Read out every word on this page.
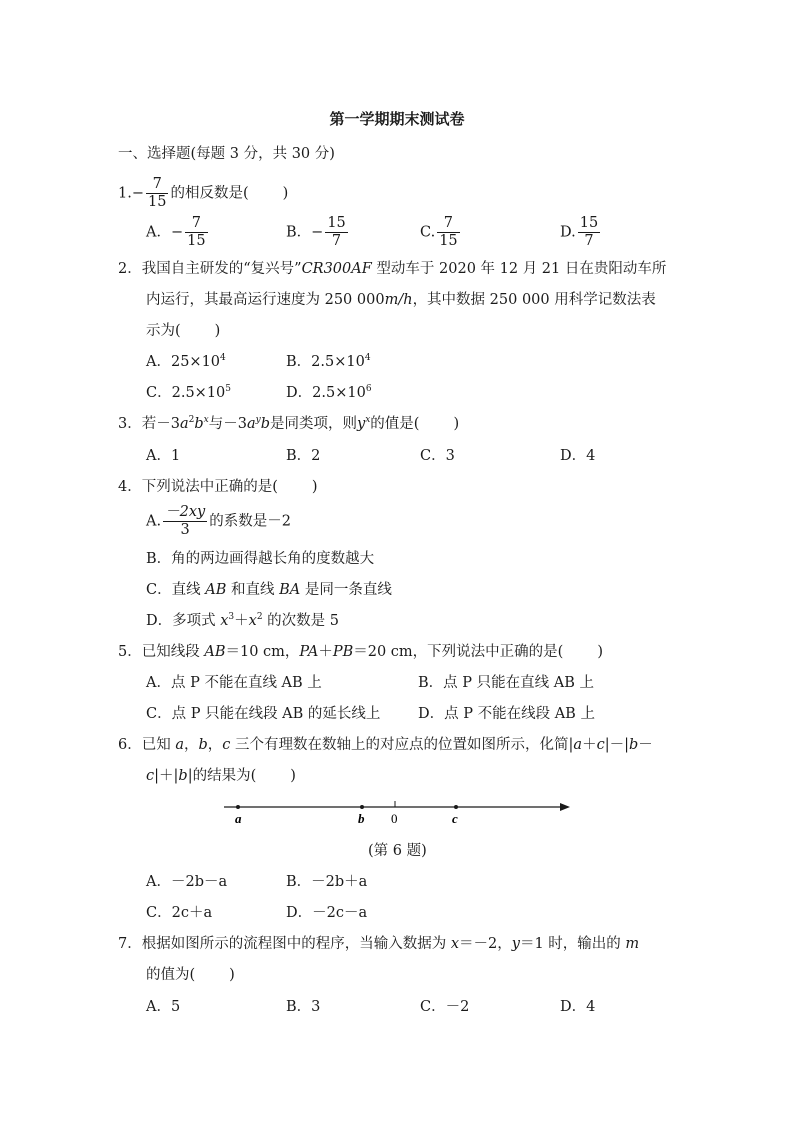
第一学期期末测试卷
一、选择题(每题 3 分，共 30 分)
$1.- \frac{7}{15}$ 的相反数是( )
A．− $\frac{7}{15}$	B．− $\frac{15}{7}$	C. $\frac{7}{15}$	D. $\frac{15}{7}$
2．我国自主研发的“复兴号”CR300AF 型动车于 2020 年 12 月 21 日在贵阳动车所
内运行，其最高运行速度为 250 000m/h，其中数据 250 000 用科学记数法表
示为( )
A．$25\times 10^4$	B．$2.5\times 10^4$
C．$2.5\times 10^5$	D．$2.5\times 10^6$
3．若$-3a^2b^x$与$-3a^yb$是同类项，则$y^x$的值是( )
A．1	B．2	C．3	D．4
4．下列说法中正确的是( )
A. $\frac{-2xy}{3}$ 的系数是－2
B．角的两边画得越长角的度数越大
C．直线 AB 和直线 BA 是同一条直线
D．多项式 $x^3+x^2$ 的次数是 5
5．已知线段 AB＝10 cm，PA＋PB＝20 cm，下列说法中正确的是( )
A．点 P 不能在直线 AB 上	B．点 P 只能在直线 AB 上
C．点 P 只能在线段 AB 的延长线上	D．点 P 不能在线段 AB 上
6．已知 a，b，c 三个有理数在数轴上的对应点的位置如图所示，化简|a＋c|－|b－
c|＋|b|的结果为( )
a	b 0	c
(第 6 题)
A．－2b－a	B．－2b＋a
C．2c＋a	D．－2c－a
7．根据如图所示的流程图中的程序，当输入数据为 x＝－2，y＝1 时，输出的 m
的值为( )
A．5	B．3	C．－2	D．4
